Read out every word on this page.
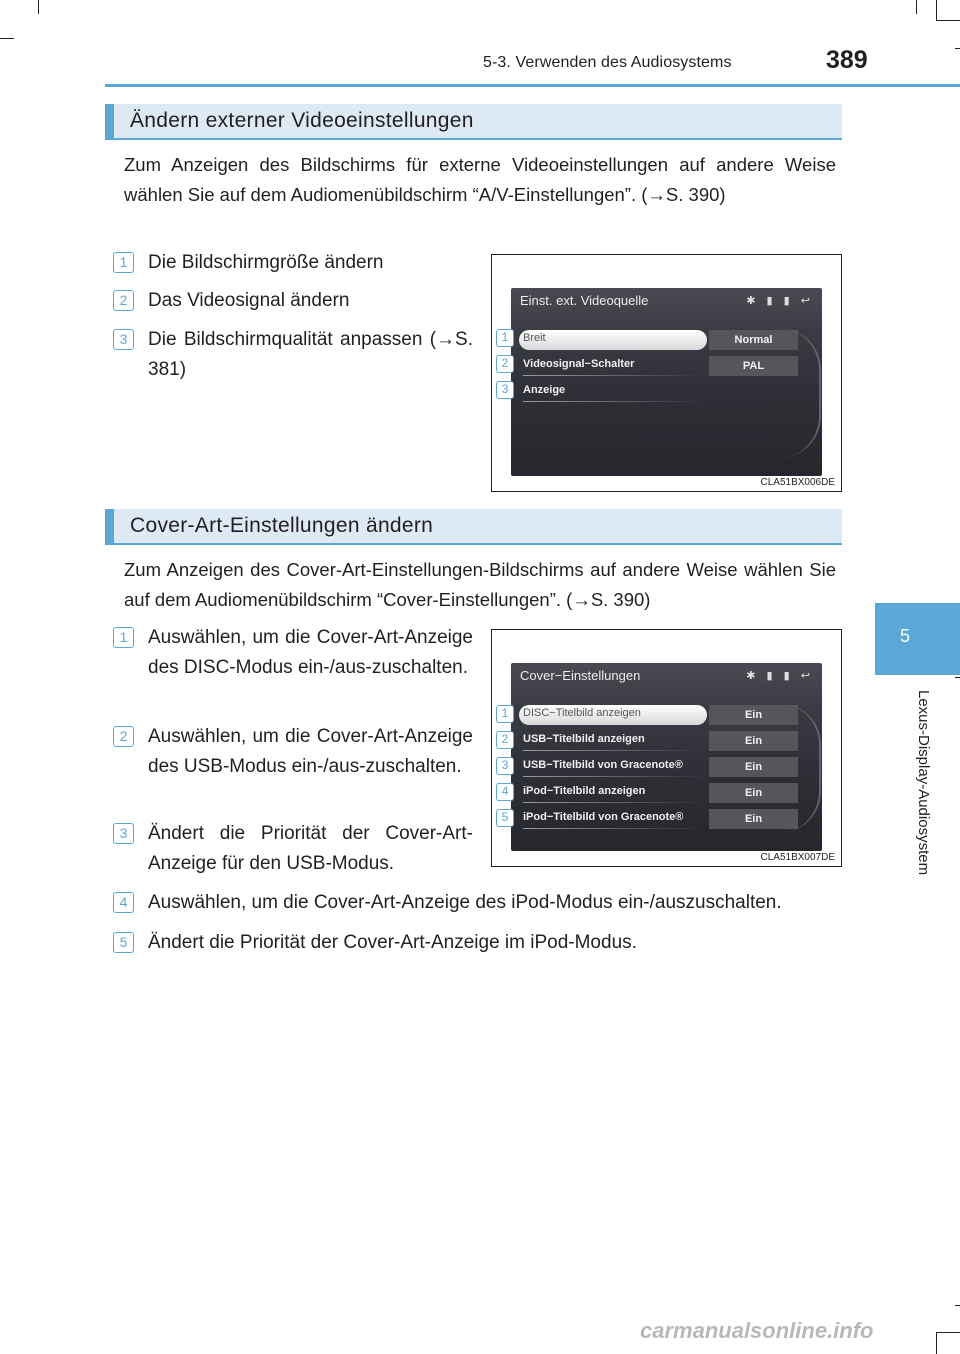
5-3. Verwenden des Audiosystems	389
5
Lexus-Display-Audiosystem
Ändern externer Videoeinstellungen
Zum Anzeigen des Bildschirms für externe Videoeinstellungen auf andere Weise wählen Sie auf dem Audiomenübildschirm “A/V-Einstellungen”. (→S. 390)
1	Die Bildschirmgröße ändern
2	Das Videosignal ändern
3	Die Bildschirmqualität anpassen (→S. 381)
Einst. ext. Videoquelle	✱ ▮ ▮ ↩
Breit	Normal
Videosignal−Schalter	PAL
Anzeige
1
2
3
CLA51BX006DE
Cover-Art-Einstellungen ändern
Zum Anzeigen des Cover-Art-Einstellungen-Bildschirms auf andere Weise wählen Sie auf dem Audiomenübildschirm “Cover-Einstellungen”. (→S. 390)
1	Auswählen, um die Cover-Art-Anzeige des DISC-Modus ein-/aus-zuschalten.
2	Auswählen, um die Cover-Art-Anzeige des USB-Modus ein-/aus-zuschalten.
3	Ändert die Priorität der Cover-Art-Anzeige für den USB-Modus.
4	Auswählen, um die Cover-Art-Anzeige des iPod-Modus ein-/auszuschalten.
5	Ändert die Priorität der Cover-Art-Anzeige im iPod-Modus.
Cover−Einstellungen	✱ ▮ ▮ ↩
DISC−Titelbild anzeigen	Ein
USB−Titelbild anzeigen	Ein
USB−Titelbild von Gracenote®	Ein
iPod−Titelbild anzeigen	Ein
iPod−Titelbild von Gracenote®	Ein
1
2
3
4
5
CLA51BX007DE
carmanualsonline.info
